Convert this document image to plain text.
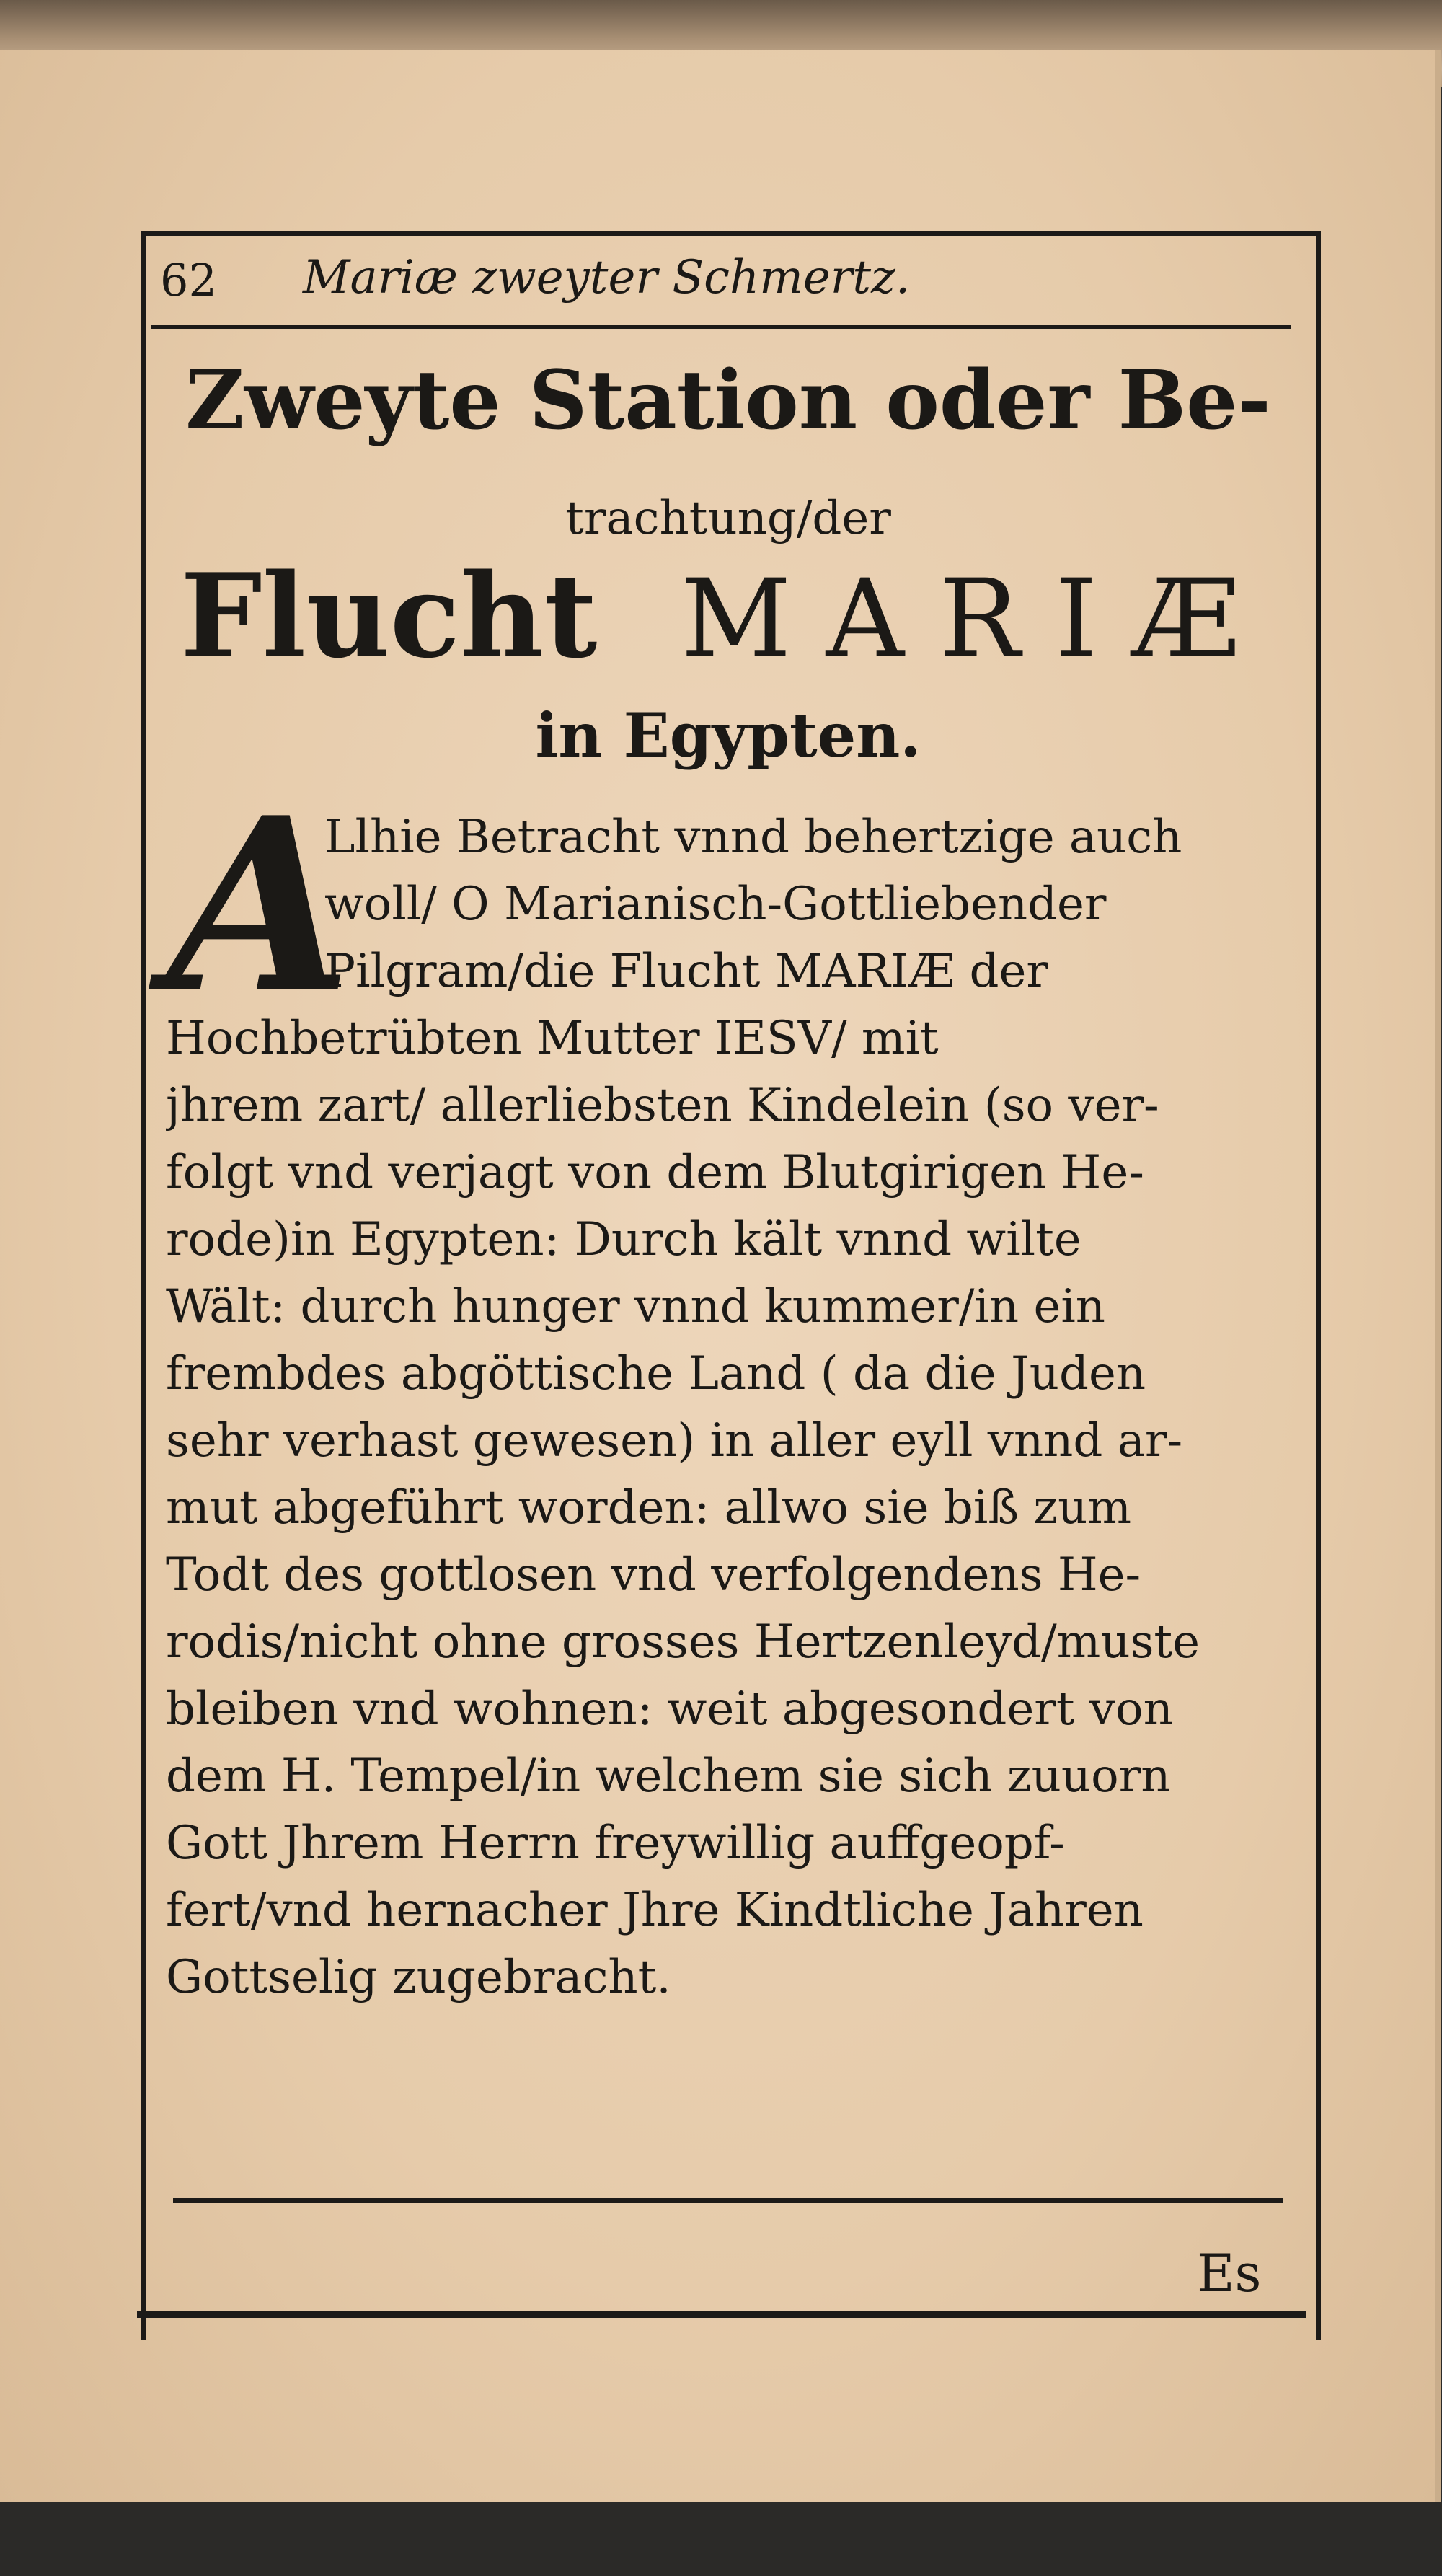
62 Mariæ zweyter Schmertz.
Zweyte Station oder Be-
trachtung/der
Flucht MARIÆ
in Egypten.
A
Llhie Betracht vnnd behertzige auch
woll/ O Marianisch-Gottliebender
Pilgram/die Flucht MARIÆ der
Hochbetrübten Mutter IESV/ mit
jhrem zart/ allerliebsten Kindelein (so ver-
folgt vnd verjagt von dem Blutgirigen He-
rode)in Egypten: Durch kält vnnd wilte
Wält: durch hunger vnnd kummer/in ein
frembdes abgöttische Land ( da die Juden
sehr verhast gewesen) in aller eyll vnnd ar-
mut abgeführt worden: allwo sie biß zum
Todt des gottlosen vnd verfolgendens He-
rodis/nicht ohne grosses Hertzenleyd/muste
bleiben vnd wohnen: weit abgesondert von
dem H. Tempel/in welchem sie sich zuuorn
Gott Jhrem Herrn freywillig auffgeopf-
fert/vnd hernacher Jhre Kindtliche Jahren
Gottselig zugebracht.
Es
